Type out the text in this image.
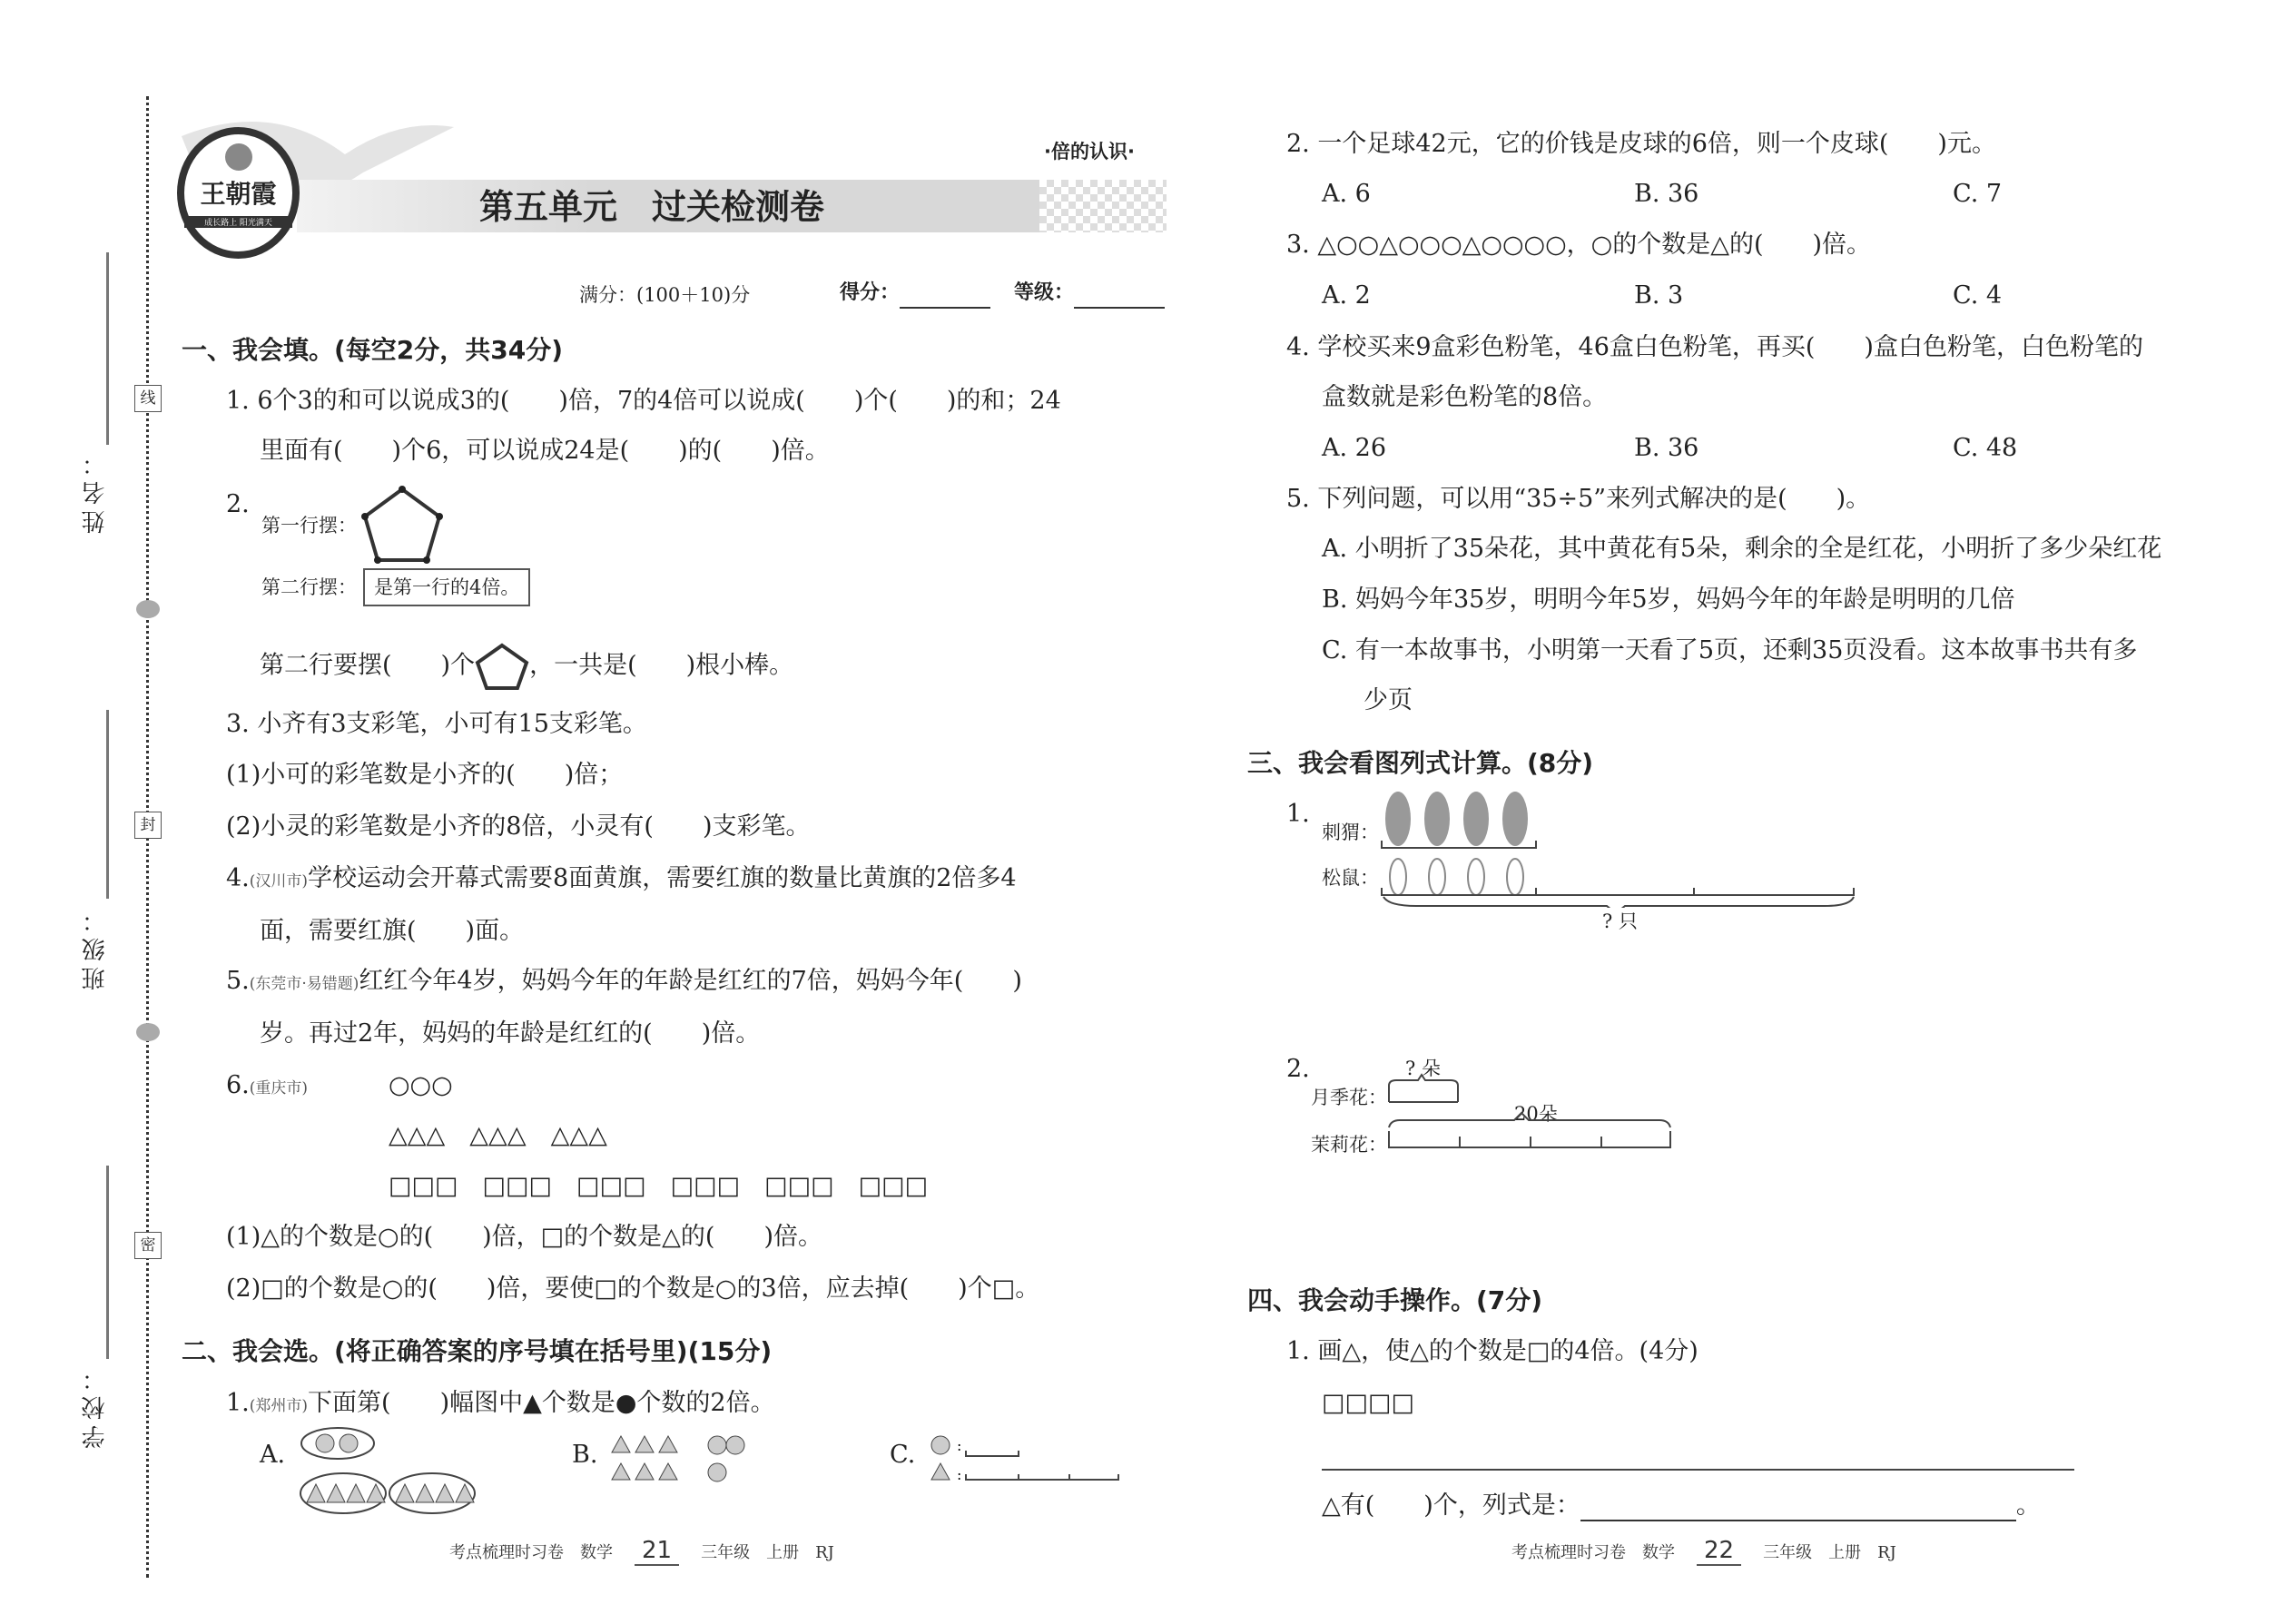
姓名：
班级：
学校：
线
封
密
王朝霞
成长路上 阳光满天
·倍的认识·
第五单元　过关检测卷
满分：(100＋10)分	得分：	等级：
一、我会填。(每空2分，共34分)
1. 6个3的和可以说成3的(　　)倍，7的4倍可以说成(　　)个(　　)的和；24
里面有(　　)个6，可以说成24是(　　)的(　　)倍。
2.
第一行摆：
第二行摆： 是第一行的4倍。
第二行要摆(　　)个 ，一共是(　　)根小棒。
3. 小齐有3支彩笔，小可有15支彩笔。
(1)小可的彩笔数是小齐的(　　)倍；
(2)小灵的彩笔数是小齐的8倍，小灵有(　　)支彩笔。
4.(汉川市)学校运动会开幕式需要8面黄旗，需要红旗的数量比黄旗的2倍多4
面，需要红旗(　　)面。
5.(东莞市·易错题)红红今年4岁，妈妈今年的年龄是红红的7倍，妈妈今年(　　)
岁。再过2年，妈妈的年龄是红红的(　　)倍。
6.(重庆市)	○○○
△△△　△△△　△△△
□□□　□□□　□□□　□□□　□□□　□□□
(1)△的个数是○的(　　)倍，□的个数是△的(　　)倍。
(2)□的个数是○的(　　)倍，要使□的个数是○的3倍，应去掉(　　)个□。
二、我会选。(将正确答案的序号填在括号里)(15分)
1.(郑州市)下面第(　　)幅图中▲个数是●个数的2倍。
A.	B.	C.	:
:
考点梳理时习卷　数学 21 三年级　上册　RJ
2. 一个足球42元，它的价钱是皮球的6倍，则一个皮球(　　)元。
A. 6	B. 36	C. 7
3. △○○△○○○△○○○○，○的个数是△的(　　)倍。
A. 2	B. 3	C. 4
4. 学校买来9盒彩色粉笔，46盒白色粉笔，再买(　　)盒白色粉笔，白色粉笔的
盒数就是彩色粉笔的8倍。
A. 26	B. 36	C. 48
5. 下列问题，可以用“35÷5”来列式解决的是(　　)。
A. 小明折了35朵花，其中黄花有5朵，剩余的全是红花，小明折了多少朵红花
B. 妈妈今年35岁，明明今年5岁，妈妈今年的年龄是明明的几倍
C. 有一本故事书，小明第一天看了5页，还剩35页没看。这本故事书共有多
少页
三、我会看图列式计算。(8分)
1.
刺猬：
松鼠：
? 只
2.	? 朵
月季花：
20朵
茉莉花：
四、我会动手操作。(7分)
1. 画△，使△的个数是□的4倍。(4分)
□□□□
△有(　　)个，列式是：	。
考点梳理时习卷　数学 22 三年级　上册　RJ
